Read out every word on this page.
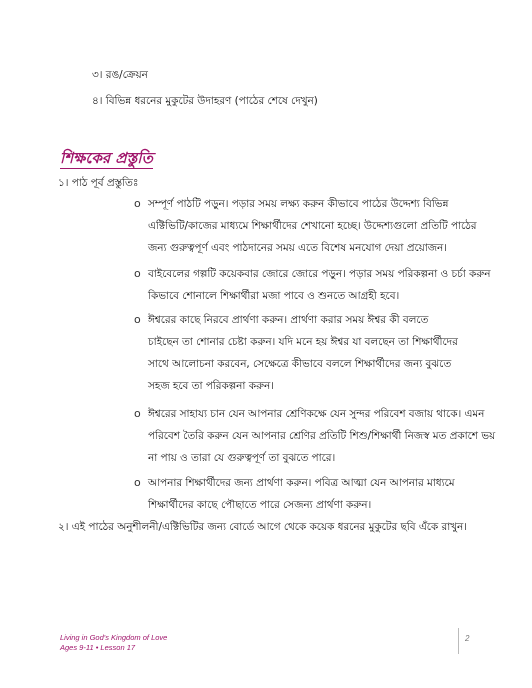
৩। রঙ/ক্রেয়ন
৪। বিভিন্ন ধরনের মুকুটের উদাহরণ (পাঠের শেষে দেখুন)
শিক্ষকের প্রস্তুতি
১। পাঠ পূর্ব প্রস্তুতিঃ
o সম্পূর্ণ পাঠটি পড়ুন। পড়ার সময় লক্ষ্য করুন কীভাবে পাঠের উদ্দেশ্য বিভিন্ন
এক্টিভিটি/কাজের মাধ্যমে শিক্ষার্থীদের শেখানো হচ্ছে। উদ্দেশ্যগুলো প্রতিটি পাঠের
জন্য গুরুত্বপূর্ণ এবং পাঠদানের সময় এতে বিশেষ মনযোগ দেয়া প্রয়োজন।
o বাইবেলের গল্পটি কয়েকবার জোরে জোরে পড়ুন। পড়ার সময় পরিকল্পনা ও চর্চা করুন
কিভাবে শোনালে শিক্ষার্থীরা মজা পাবে ও শুনতে আগ্রহী হবে।
o ঈশ্বরের কাছে নিরবে প্রার্থণা করুন। প্রার্থণা করার সময় ঈশ্বর কী বলতে
চাইছেন তা শোনার চেষ্টা করুন। যদি মনে হয় ঈশ্বর যা বলছেন তা শিক্ষার্থীদের
সাথে আলোচনা করবেন, সেক্ষেত্রে কীভাবে বললে শিক্ষার্থীদের জন্য বুঝতে
সহজ হবে তা পরিকল্পনা করুন।
o ঈশ্বরের সাহায্য চান যেন আপনার শ্রেণিকক্ষে যেন সুন্দর পরিবেশ বজায় থাকে। এমন
পরিবেশ তৈরি করুন যেন আপনার শ্রেণির প্রতিটি শিশু/শিক্ষার্থী নিজস্ব মত প্রকাশে ভয়
না পায় ও তারা যে গুরুত্বপূর্ণ তা বুঝতে পারে।
o আপনার শিক্ষার্থীদের জন্য প্রার্থণা করুন। পবিত্র আত্মা যেন আপনার মাধ্যমে
শিক্ষার্থীদের কাছে পৌছাতে পারে সেজন্য প্রার্থণা করুন।
২। এই পাঠের অনুশীলনী/এক্টিভিটির জন্য বোর্ডে আগে থেকে কয়েক ধরনের মুকুটের ছবি এঁকে রাখুন।
Living in God's Kingdom of Love
Ages 9-11 • Lesson 17
2
